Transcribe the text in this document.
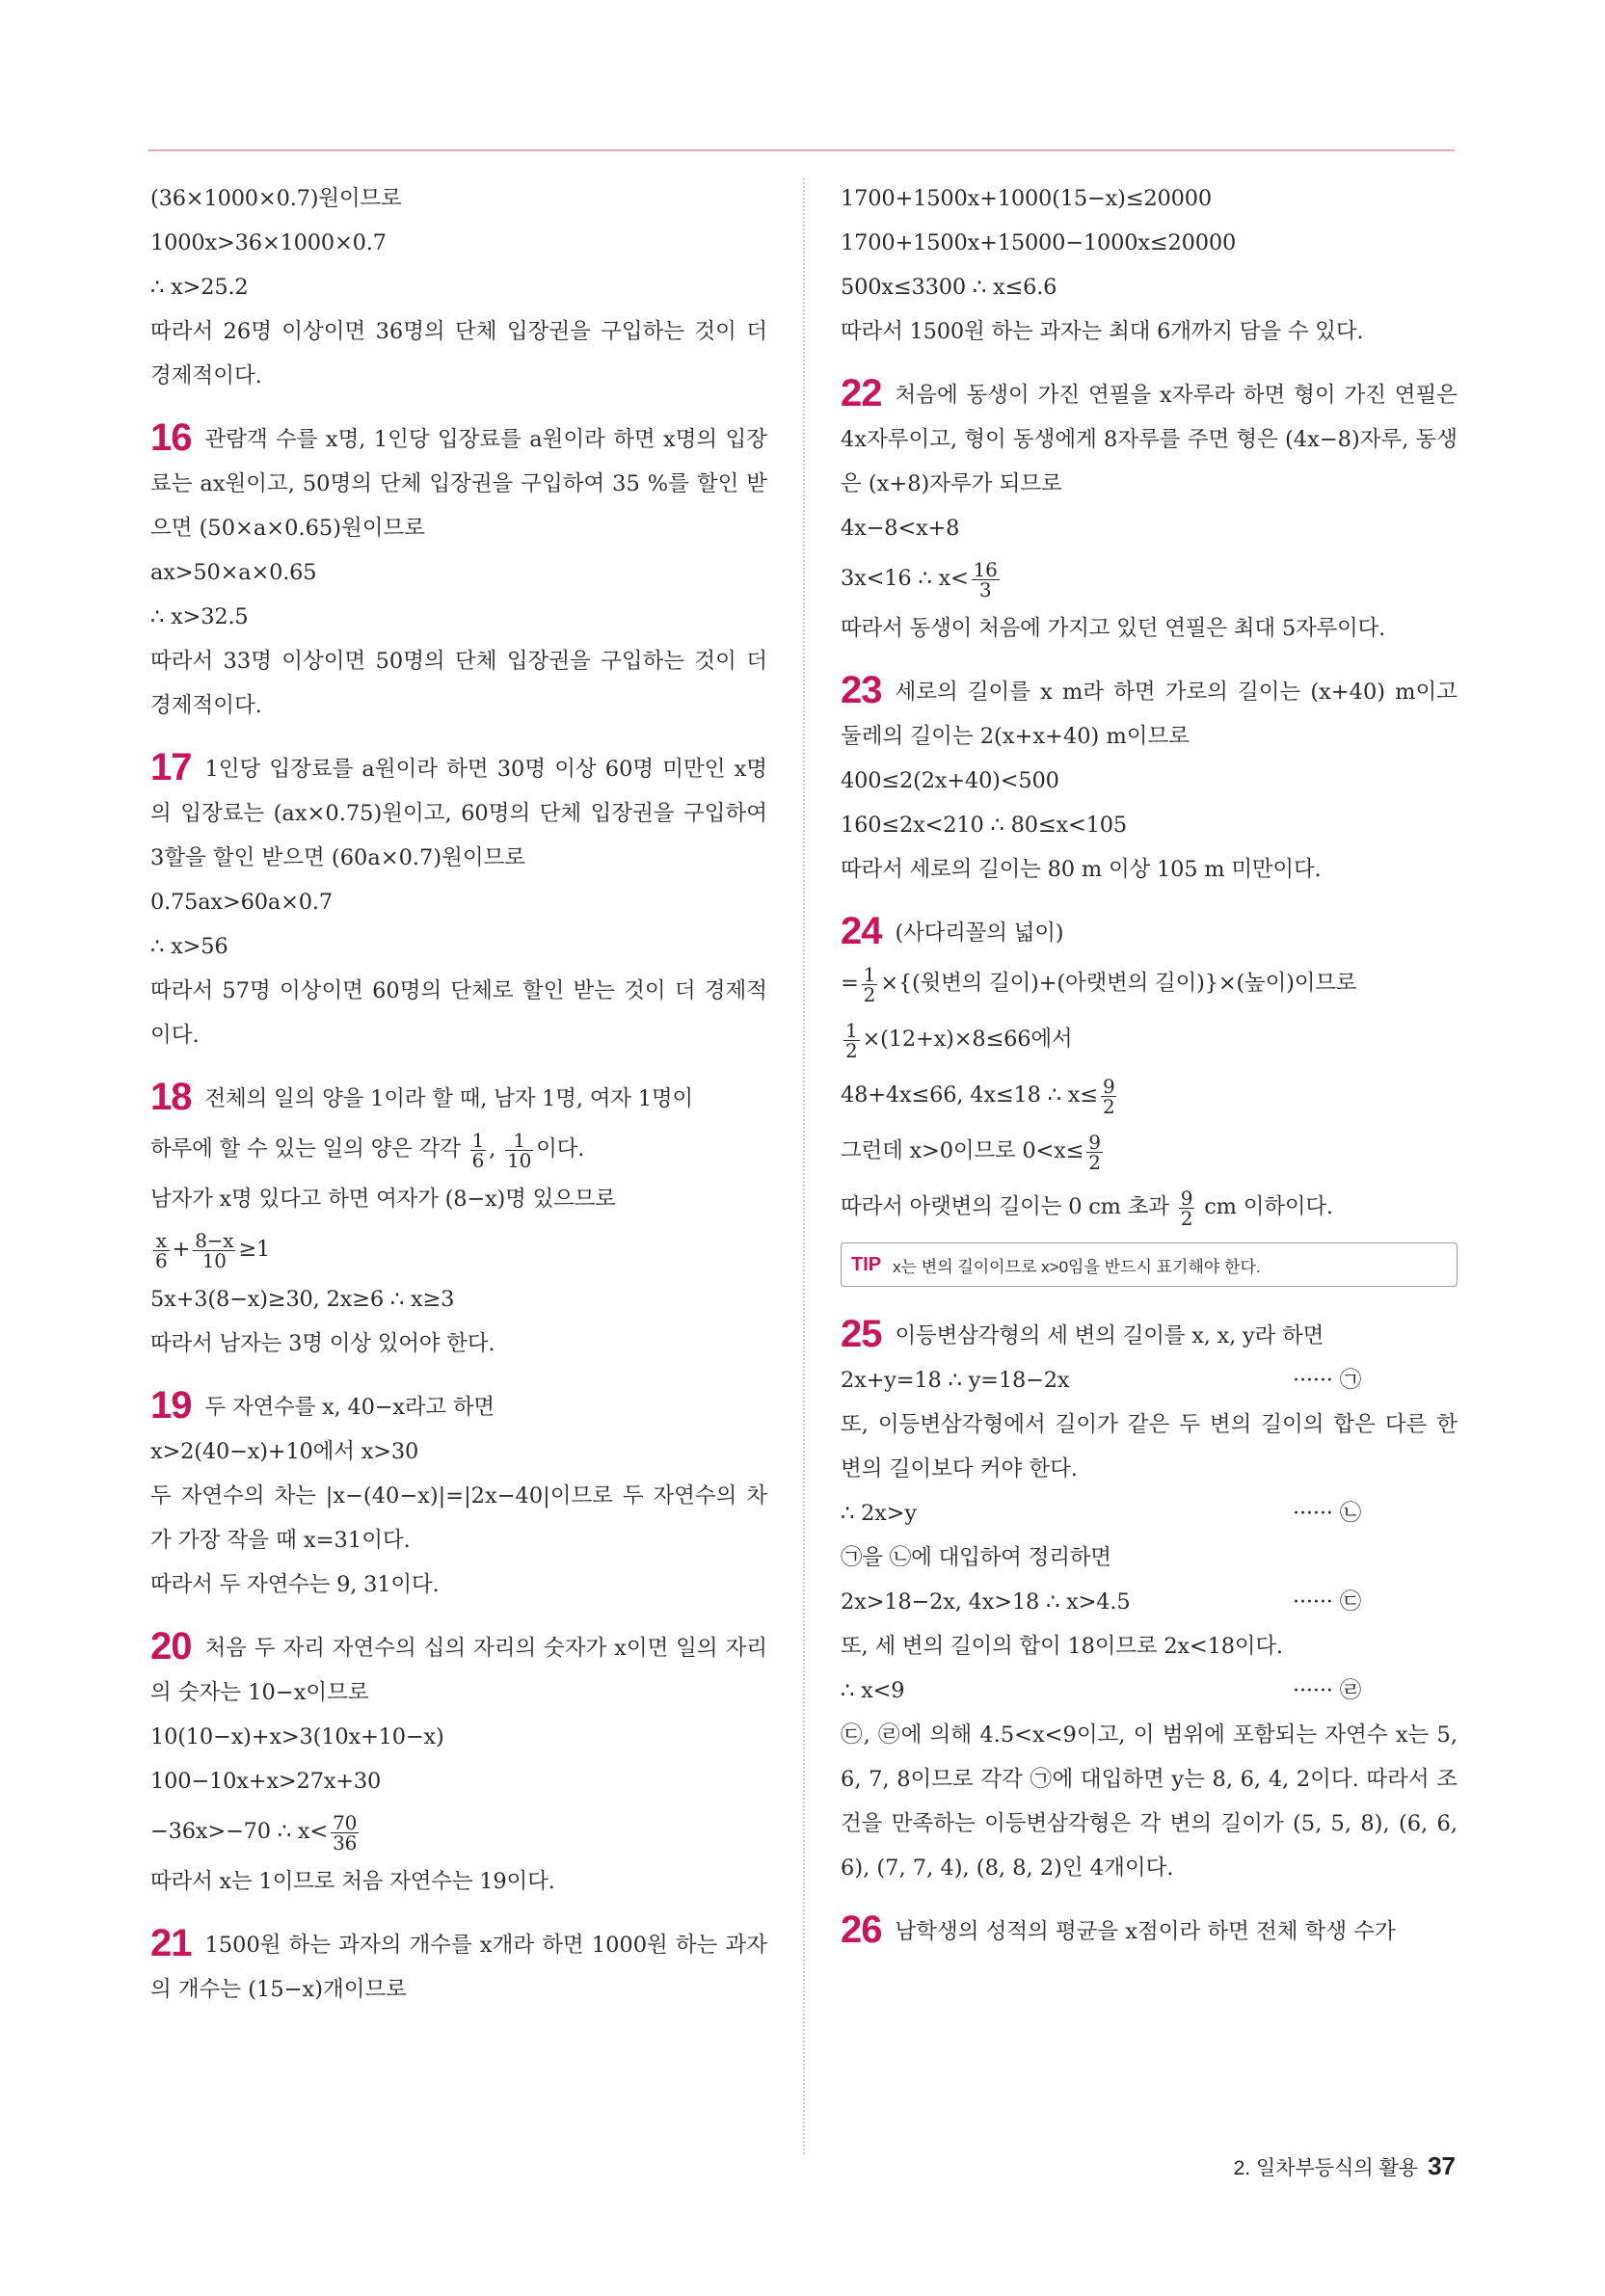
(36×1000×0.7)원이므로
1000x>36×1000×0.7
∴ x>25.2
따라서 26명 이상이면 36명의 단체 입장권을 구입하는 것이 더 경제적이다.
16 관람객 수를 x명, 1인당 입장료를 a원이라 하면 x명의 입장료는 ax원이고, 50명의 단체 입장권을 구입하여 35 %를 할인 받으면 (50×a×0.65)원이므로
ax>50×a×0.65
∴ x>32.5
따라서 33명 이상이면 50명의 단체 입장권을 구입하는 것이 더 경제적이다.
17 1인당 입장료를 a원이라 하면 30명 이상 60명 미만인 x명의 입장료는 (ax×0.75)원이고, 60명의 단체 입장권을 구입하여 3할을 할인 받으면 (60a×0.7)원이므로
0.75ax>60a×0.7
∴ x>56
따라서 57명 이상이면 60명의 단체로 할인 받는 것이 더 경제적이다.
18 전체의 일의 양을 1이라 할 때, 남자 1명, 여자 1명이
하루에 할 수 있는 일의 양은 각각 $\frac{1}{6}$ , $\frac{1}{10}$ 이다.
남자가 x명 있다고 하면 여자가 (8−x)명 있으므로
$\frac{x}{6} + \frac{8-x}{10} \ge 1$
5x+3(8−x)≥30, 2x≥6 ∴ x≥3
따라서 남자는 3명 이상 있어야 한다.
19 두 자연수를 x, 40−x라고 하면
x>2(40−x)+10에서 x>30
두 자연수의 차는 |x−(40−x)|=|2x−40|이므로 두 자연수의 차가 가장 작을 때 x=31이다.
따라서 두 자연수는 9, 31이다.
20 처음 두 자리 자연수의 십의 자리의 숫자가 x이면 일의 자리의 숫자는 10−x이므로
10(10−x)+x>3(10x+10−x)
100−10x+x>27x+30
−36x>−70 ∴ $x< \frac{70}{36}$
따라서 x는 1이므로 처음 자연수는 19이다.
21 1500원 하는 과자의 개수를 x개라 하면 1000원 하는 과자의 개수는 (15−x)개이므로
1700+1500x+1000(15−x)≤20000
1700+1500x+15000−1000x≤20000
500x≤3300 ∴ x≤6.6
따라서 1500원 하는 과자는 최대 6개까지 담을 수 있다.
22 처음에 동생이 가진 연필을 x자루라 하면 형이 가진 연필은 4x자루이고, 형이 동생에게 8자루를 주면 형은 (4x−8)자루, 동생은 (x+8)자루가 되므로
4x−8<x+8
3x<16 ∴ $x< \frac{16}{3}$
따라서 동생이 처음에 가지고 있던 연필은 최대 5자루이다.
23 세로의 길이를 x m라 하면 가로의 길이는 (x+40) m이고 둘레의 길이는 2(x+x+40) m이므로
400≤2(2x+40)<500
160≤2x<210 ∴ 80≤x<105
따라서 세로의 길이는 80 m 이상 105 m 미만이다.
24 (사다리꼴의 넓이)
= $\frac{1}{2}$ ×{(윗변의 길이)+(아랫변의 길이)}×(높이)이므로
$\frac{1}{2} \times(12+x)\times 8\le 66$에서
48+4x≤66, 4x≤18 ∴ $x\le \frac{9}{2}$
그런데 x>0이므로 $0<x\le \frac{9}{2}$
따라서 아랫변의 길이는 0 cm 초과 $\frac{9}{2}$ cm 이하이다.
TIP x는 변의 길이이므로 x>0임을 반드시 표기해야 한다.
25 이등변삼각형의 세 변의 길이를 x, x, y라 하면
2x+y=18 ∴ y=18−2x	······ ㉠
또, 이등변삼각형에서 길이가 같은 두 변의 길이의 합은 다른 한 변의 길이보다 커야 한다.
∴ 2x>y	······ ㉡
㉠을 ㉡에 대입하여 정리하면
2x>18−2x, 4x>18 ∴ x>4.5	······ ㉢
또, 세 변의 길이의 합이 18이므로 2x<18이다.
∴ x<9	······ ㉣
㉢, ㉣에 의해 4.5<x<9이고, 이 범위에 포함되는 자연수 x는 5, 6, 7, 8이므로 각각 ㉠에 대입하면 y는 8, 6, 4, 2이다. 따라서 조건을 만족하는 이등변삼각형은 각 변의 길이가 (5, 5, 8), (6, 6, 6), (7, 7, 4), (8, 8, 2)인 4개이다.
26 남학생의 성적의 평균을 x점이라 하면 전체 학생 수가
2. 일차부등식의 활용 37
